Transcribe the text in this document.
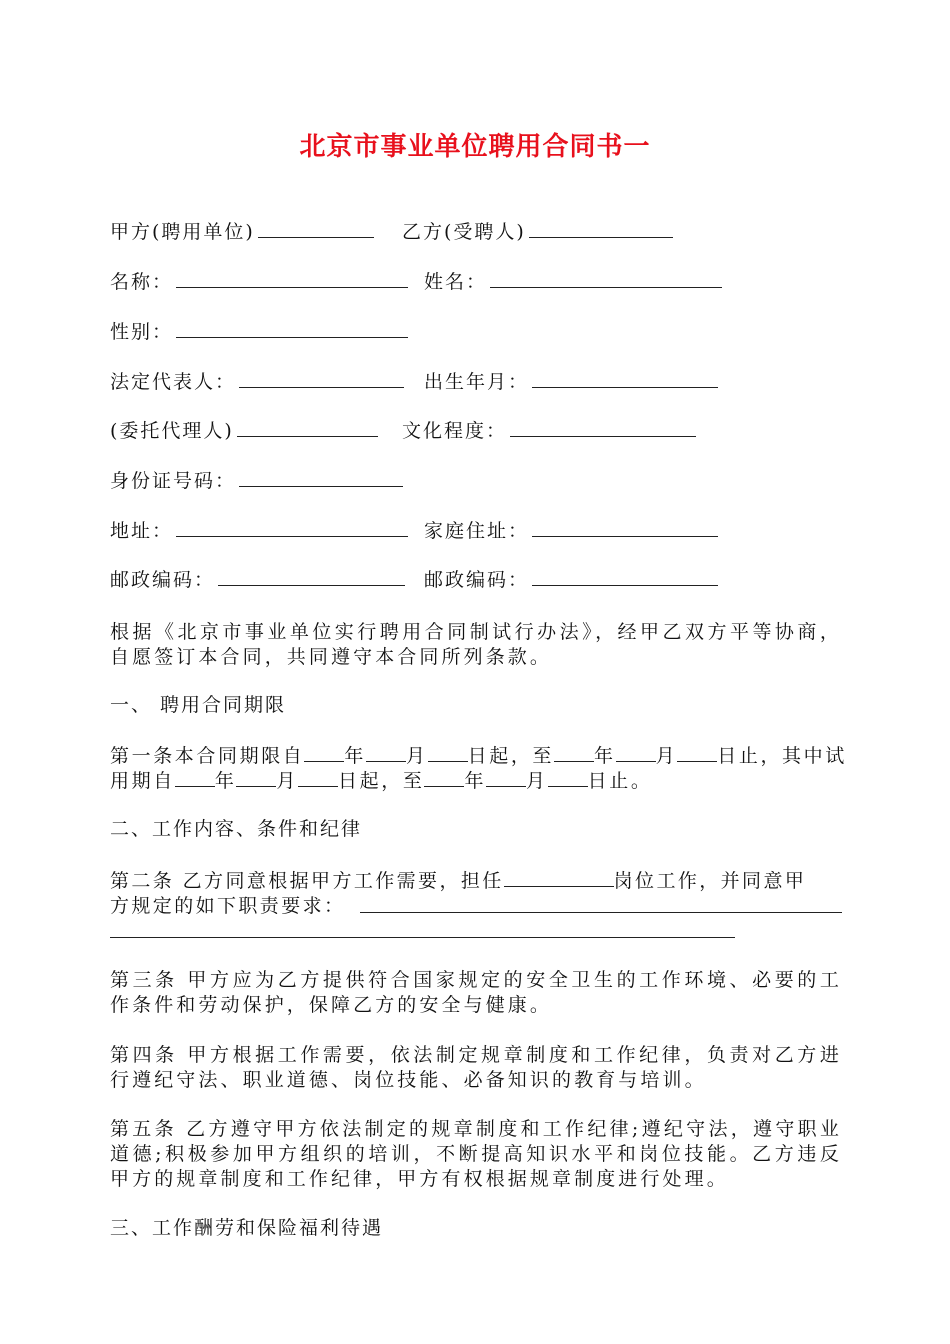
北京市事业单位聘用合同书一
甲方(聘用单位)	乙方(受聘人)
名称：	姓名：
性别：
法定代表人：	出生年月：
(委托代理人)	文化程度：
身份证号码：
地址：	家庭住址：
邮政编码：	邮政编码：

根据《北京市事业单位实行聘用合同制试行办法》，经甲乙双方平等协商，自愿签订本合同，共同遵守本合同所列条款。

一、 聘用合同期限

第一条本合同期限自 年 月 日起，至 年 月 日止，其中试

用期自 年 月 日起，至 年 月 日止。

二、工作内容、条件和纪律

第二条 乙方同意根据甲方工作需要，担任	岗位工作，并同意甲

方规定的如下职责要求：

第三条 甲方应为乙方提供符合国家规定的安全卫生的工作环境、必要的工作条件和劳动保护，保障乙方的安全与健康。

第四条 甲方根据工作需要，依法制定规章制度和工作纪律，负责对乙方进行遵纪守法、职业道德、岗位技能、必备知识的教育与培训。

第五条 乙方遵守甲方依法制定的规章制度和工作纪律;遵纪守法，遵守职业道德;积极参加甲方组织的培训，不断提高知识水平和岗位技能。乙方违反甲方的规章制度和工作纪律，甲方有权根据规章制度进行处理。

三、工作酬劳和保险福利待遇
